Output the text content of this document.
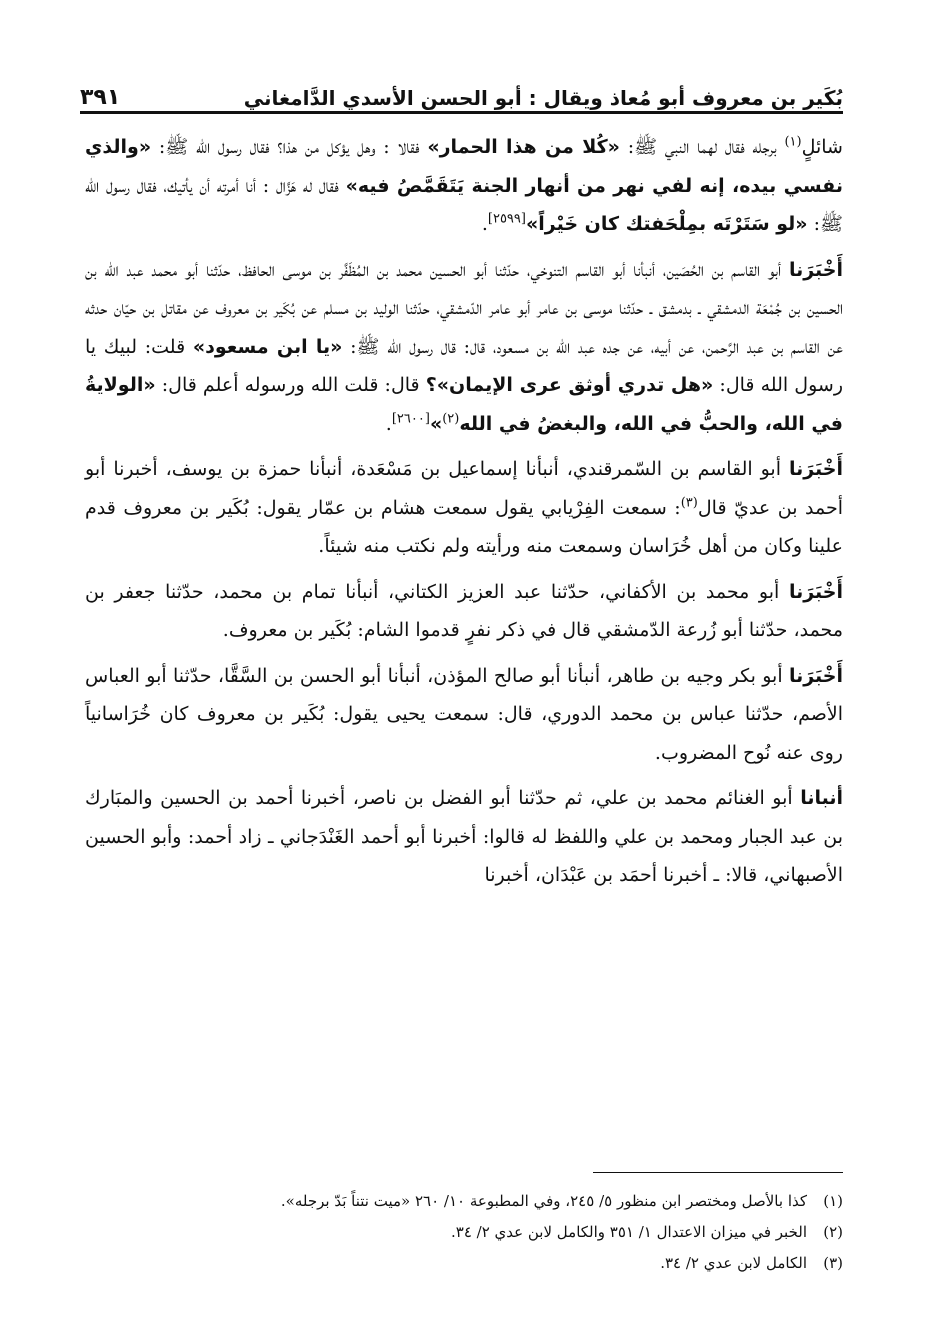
بُكَير بن معروف أبو مُعاذ ويقال : أبو الحسن الأسدي الدَّامغاني
٣٩١

شائلٍ$^{(١)}$ برجله فقال لهما النبي ﷺ: «كُلا من هذا الحمار» فقالا : وهل يؤكل من هذا؟ فقال رسول الله ﷺ: «والذي نفسي بيده، إنه لفي نهر من أنهار الجنة يَتَقَمَّصُ فيه» فقال له هَزَّال : أنا أمرته أن يأتيك، فقال رسول الله ﷺ: «لو سَتَرْتَه بمِلْحَفتك كان خَيْراً»[٢٥٩٩].

أَخْبَرَنا أبو القاسم بن الحُصَين، أنبأنا أبو القاسم التنوخي، حدّثنا أبو الحسين محمد بن المُظَفَّر بن موسى الحافظ، حدّثنا أبو محمد عبد الله بن الحسين بن جُمْعَة الدمشقي ـ بدمشق ـ حدّثنا موسى بن عامر أبو عامر الدّمشقي، حدّثنا الوليد بن مسلم عن بُكَير بن معروف عن مقاتل بن حيّان حدثه عن القاسم بن عبد الرَّحمن، عن أبيه، عن جده عبد الله بن مسعود، قال: قال رسول الله ﷺ: «يا ابن مسعود» قلت: لبيك يا رسول الله قال: «هل تدري أوثق عرى الإيمان»؟ قال: قلت الله ورسوله أعلم قال: «الولايةُ في الله، والحبُّ في الله، والبغضُ في الله$^{(٢)}$»[٢٦٠٠].

أَخْبَرَنا أبو القاسم بن السّمرقندي، أنبأنا إسماعيل بن مَسْعَدة، أنبأنا حمزة بن يوسف، أخبرنا أبو أحمد بن عديّ قال$^{(٣)}$: سمعت الفِرْيابي يقول سمعت هشام بن عمّار يقول: بُكَير بن معروف قدم علينا وكان من أهل خُرَاسان وسمعت منه ورأيته ولم نكتب منه شيئاً.

أَخْبَرَنا أبو محمد بن الأكفاني، حدّثنا عبد العزيز الكتاني، أنبأنا تمام بن محمد، حدّثنا جعفر بن محمد، حدّثنا أبو زُرعة الدّمشقي قال في ذكر نفرٍ قدموا الشام: بُكَير بن معروف.

أَخْبَرَنا أبو بكر وجيه بن طاهر، أنبأنا أبو صالح المؤذن، أنبأنا أبو الحسن بن السَّقَّا، حدّثنا أبو العباس الأصم، حدّثنا عباس بن محمد الدوري، قال: سمعت يحيى يقول: بُكَير بن معروف كان خُرَاسانياً روى عنه نُوح المضروب.

أنبانا أبو الغنائم محمد بن علي، ثم حدّثنا أبو الفضل بن ناصر، أخبرنا أحمد بن الحسين والمبَارك بن عبد الجبار ومحمد بن علي واللفظ له قالوا: أخبرنا أبو أحمد الغَنْدَجاني ـ زاد أحمد: وأبو الحسين الأصبهاني، قالا: ـ أخبرنا أحمَد بن عَبْدَان، أخبرنا

(١)كذا بالأصل ومختصر ابن منظور ٥/ ٢٤٥، وفي المطبوعة ١٠/ ٢٦٠ «ميت نتناً بَدّ برجله».

(٢)الخبر في ميزان الاعتدال ١/ ٣٥١ والكامل لابن عدي ٢/ ٣٤.

(٣)الكامل لابن عدي ٢/ ٣٤.
